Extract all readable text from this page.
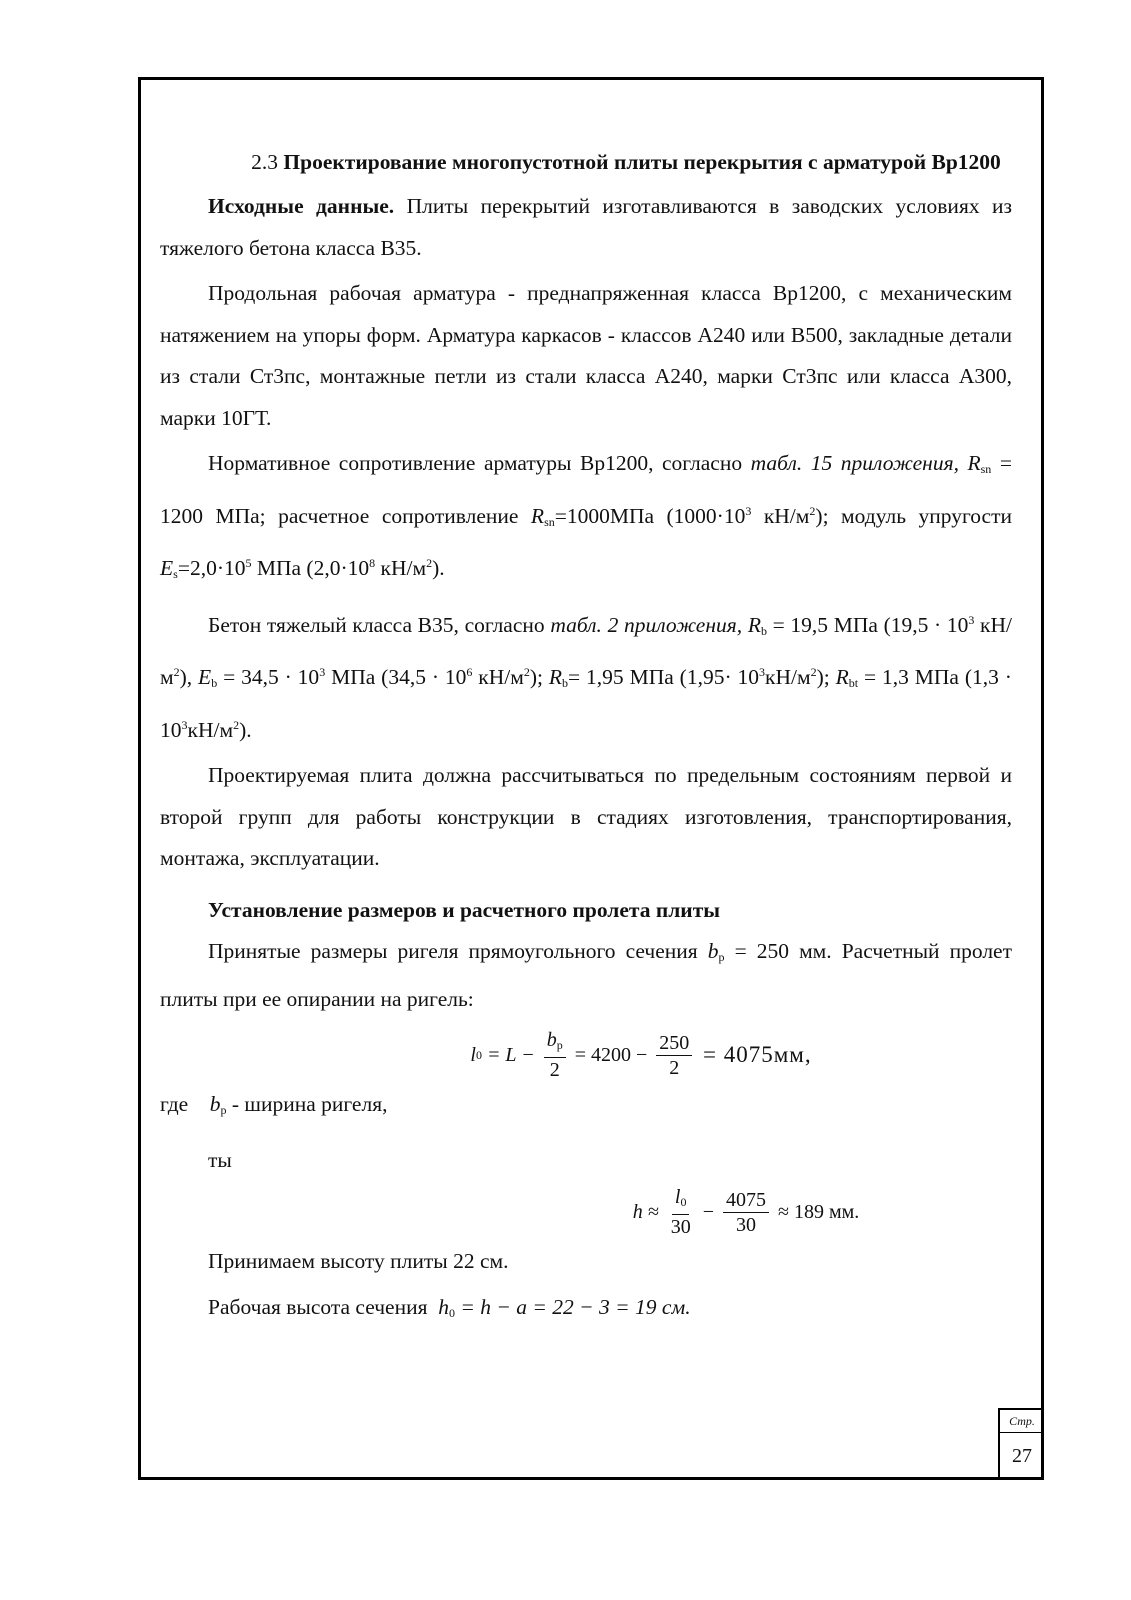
2.3 Проектирование многопустотной плиты перекрытия с арматурой Вр1200

Исходные данные. Плиты перекрытий изготавливаются в заводских условиях из тяжелого бетона класса В35.

Продольная рабочая арматура - преднапряженная класса Вр1200, с механическим натяжением на упоры форм. Арматура каркасов - классов А240 или В500, закладные детали из стали Ст3пс, монтажные петли из стали класса А240, марки Ст3пс или класса А300, марки 10ГТ.

Нормативное сопротивление арматуры Вр1200, согласно табл. 15 приложения, $R_{sn} = 1200$ МПа; расчетное сопротивление $R_{sn}=1000МПа$ ($1000\cdot 10^3$ $кН/м^2$); модуль упругости $E_s=2,0\cdot 10^5$ МПа ($2,0\cdot 10^8$ $кН/м^2$).

Бетон тяжелый класса В35, согласно табл. 2 приложения, $R_b = 19,5$ МПа ($19,5 \cdot 10^3$ $кН/м^2$), $E_b = 34,5 \cdot 10^3$ МПа ($34,5 \cdot 10^6$ $кН/м^2$); $R_b= 1,95$ МПа $(1,95\cdot 10^3кН/м^2)$; $R_{bt} = 1,3$ МПа $(1,3 \cdot 10^3кН/м^2)$.

Проектируемая плита должна рассчитываться по предельным состояниям первой и второй групп для работы конструкции в стадиях изготовления, транспортирования, монтажа, эксплуатации.

Установление размеров и расчетного пролета плиты

Принятые размеры ригеля прямоугольного сечения $b_p = 250$ мм. Расчетный пролет плиты при ее опирании на ригель:

l $0 = L - \frac{b_p}{2} = 4200 - \frac{250}{2} = 4075мм$,

где    $b_p$ - ширина ригеля,

ты

$h \approx \frac{l_0}{30} - \frac{4075}{30} \approx 189$ мм.

Принимаем высоту плиты 22 см.

Рабочая высота сечения  $h_0 = h - a = 22 - 3 = 19$ см.

Стр.
27
